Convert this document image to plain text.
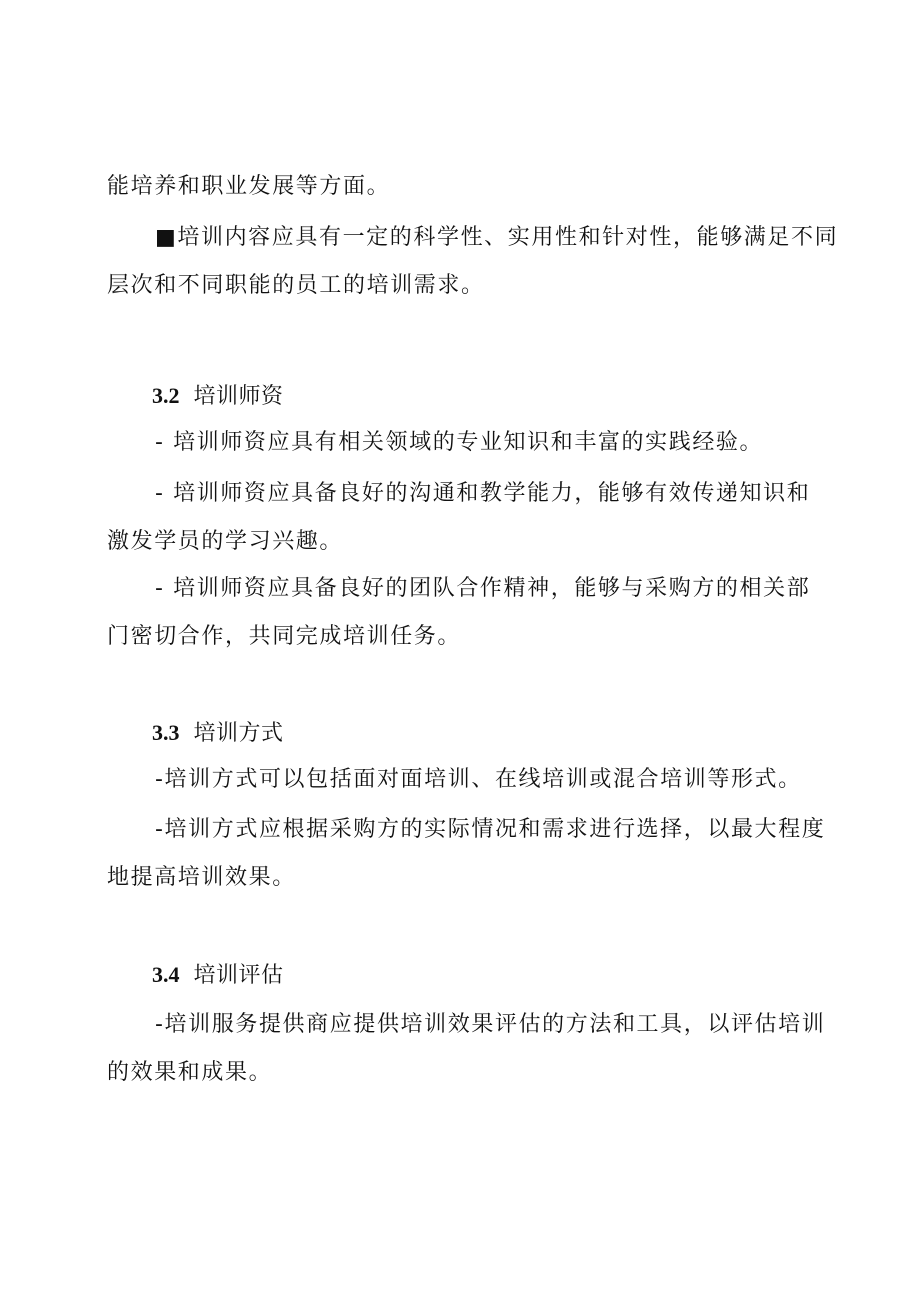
能培养和职业发展等方面。
■培训内容应具有一定的科学性、实用性和针对性，能够满足不同
层次和不同职能的员工的培训需求。
3.2 培训师资
- 培训师资应具有相关领域的专业知识和丰富的实践经验。
- 培训师资应具备良好的沟通和教学能力，能够有效传递知识和
激发学员的学习兴趣。
- 培训师资应具备良好的团队合作精神，能够与采购方的相关部
门密切合作，共同完成培训任务。
3.3 培训方式
-培训方式可以包括面对面培训、在线培训或混合培训等形式。
-培训方式应根据采购方的实际情况和需求进行选择，以最大程度
地提高培训效果。
3.4 培训评估
-培训服务提供商应提供培训效果评估的方法和工具，以评估培训
的效果和成果。
